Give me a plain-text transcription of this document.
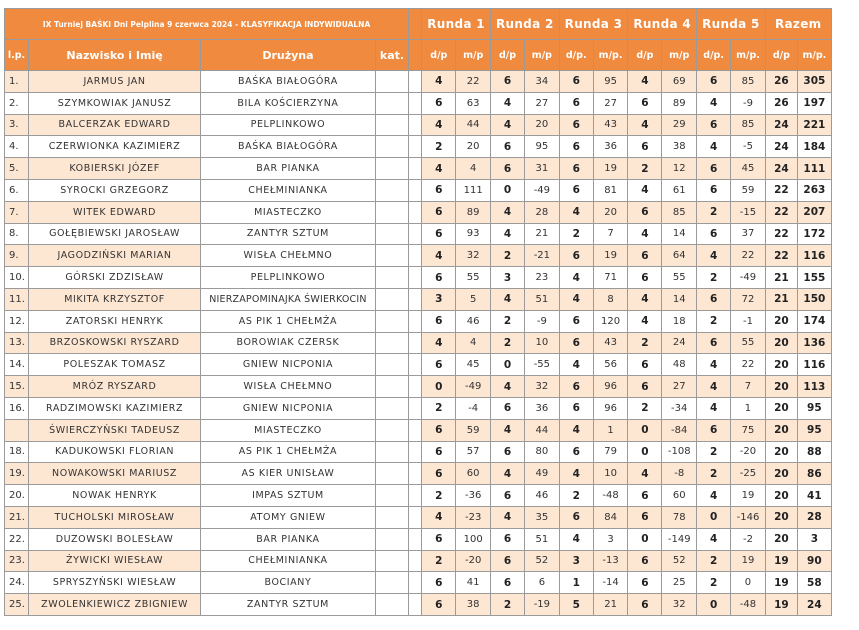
IX Turniej BAŚKI Dni Pelplina 9 czerwca 2024 - KLASYFIKACJA INDYWIDUALNA					Runda 1		Runda 2		Runda 3		Runda 4		Runda 5		Razem	
l.p.	Nazwisko i Imię	Drużyna	kat.		d/p	m/p	d/p	m/p	d/p.	m/p.	d/p	m/p	d/p.	m/p.	d/p	m/p.
1.	JARMUS JAN	BAŚKA BIAŁOGÓRA			4	22	6	34	6	95	4	69	6	85	26	305
2.	SZYMKOWIAK JANUSZ	BILA KOŚCIERZYNA			6	63	4	27	6	27	6	89	4	-9	26	197
3.	BALCERZAK EDWARD	PELPLINKOWO			4	44	4	20	6	43	4	29	6	85	24	221
4.	CZERWIONKA KAZIMIERZ	BAŚKA BIAŁOGÓRA			2	20	6	95	6	36	6	38	4	-5	24	184
5.	KOBIERSKI JÓZEF	BAR PIANKA			4	4	6	31	6	19	2	12	6	45	24	111
6.	SYROCKI GRZEGORZ	CHEŁMINIANKA			6	111	0	-49	6	81	4	61	6	59	22	263
7.	WITEK EDWARD	MIASTECZKO			6	89	4	28	4	20	6	85	2	-15	22	207
8.	GOŁĘBIEWSKI JAROSŁAW	ZANTYR SZTUM			6	93	4	21	2	7	4	14	6	37	22	172
9.	JAGODZIŃSKI MARIAN	WISŁA CHEŁMNO			4	32	2	-21	6	19	6	64	4	22	22	116
10.	GÓRSKI ZDZISŁAW	PELPLINKOWO			6	55	3	23	4	71	6	55	2	-49	21	155
11.	MIKITA KRZYSZTOF	NIERZAPOMINAJKA ŚWIERKOCIN			3	5	4	51	4	8	4	14	6	72	21	150
12.	ZATORSKI HENRYK	AS PIK 1 CHEŁMŻA			6	46	2	-9	6	120	4	18	2	-1	20	174
13.	BRZOSKOWSKI RYSZARD	BOROWIAK CZERSK			4	4	2	10	6	43	2	24	6	55	20	136
14.	POLESZAK TOMASZ	GNIEW NICPONIA			6	45	0	-55	4	56	6	48	4	22	20	116
15.	MRÓZ RYSZARD	WISŁA CHEŁMNO			0	-49	4	32	6	96	6	27	4	7	20	113
16.	RADZIMOWSKI KAZIMIERZ	GNIEW NICPONIA			2	-4	6	36	6	96	2	-34	4	1	20	95
	ŚWIERCZYŃSKI TADEUSZ	MIASTECZKO			6	59	4	44	4	1	0	-84	6	75	20	95
18.	KADUKOWSKI FLORIAN	AS PIK 1 CHEŁMŻA			6	57	6	80	6	79	0	-108	2	-20	20	88
19.	NOWAKOWSKI MARIUSZ	AS KIER UNISŁAW			6	60	4	49	4	10	4	-8	2	-25	20	86
20.	NOWAK HENRYK	IMPAS SZTUM			2	-36	6	46	2	-48	6	60	4	19	20	41
21.	TUCHOLSKI MIROSŁAW	ATOMY GNIEW			4	-23	4	35	6	84	6	78	0	-146	20	28
22.	DUZOWSKI BOLESŁAW	BAR PIANKA			6	100	6	51	4	3	0	-149	4	-2	20	3
23.	ŻYWICKI WIESŁAW	CHEŁMINIANKA			2	-20	6	52	3	-13	6	52	2	19	19	90
24.	SPRYSZYŃSKI WIESŁAW	BOCIANY			6	41	6	6	1	-14	6	25	2	0	19	58
25.	ZWOLENKIEWICZ ZBIGNIEW	ZANTYR SZTUM			6	38	2	-19	5	21	6	32	0	-48	19	24
